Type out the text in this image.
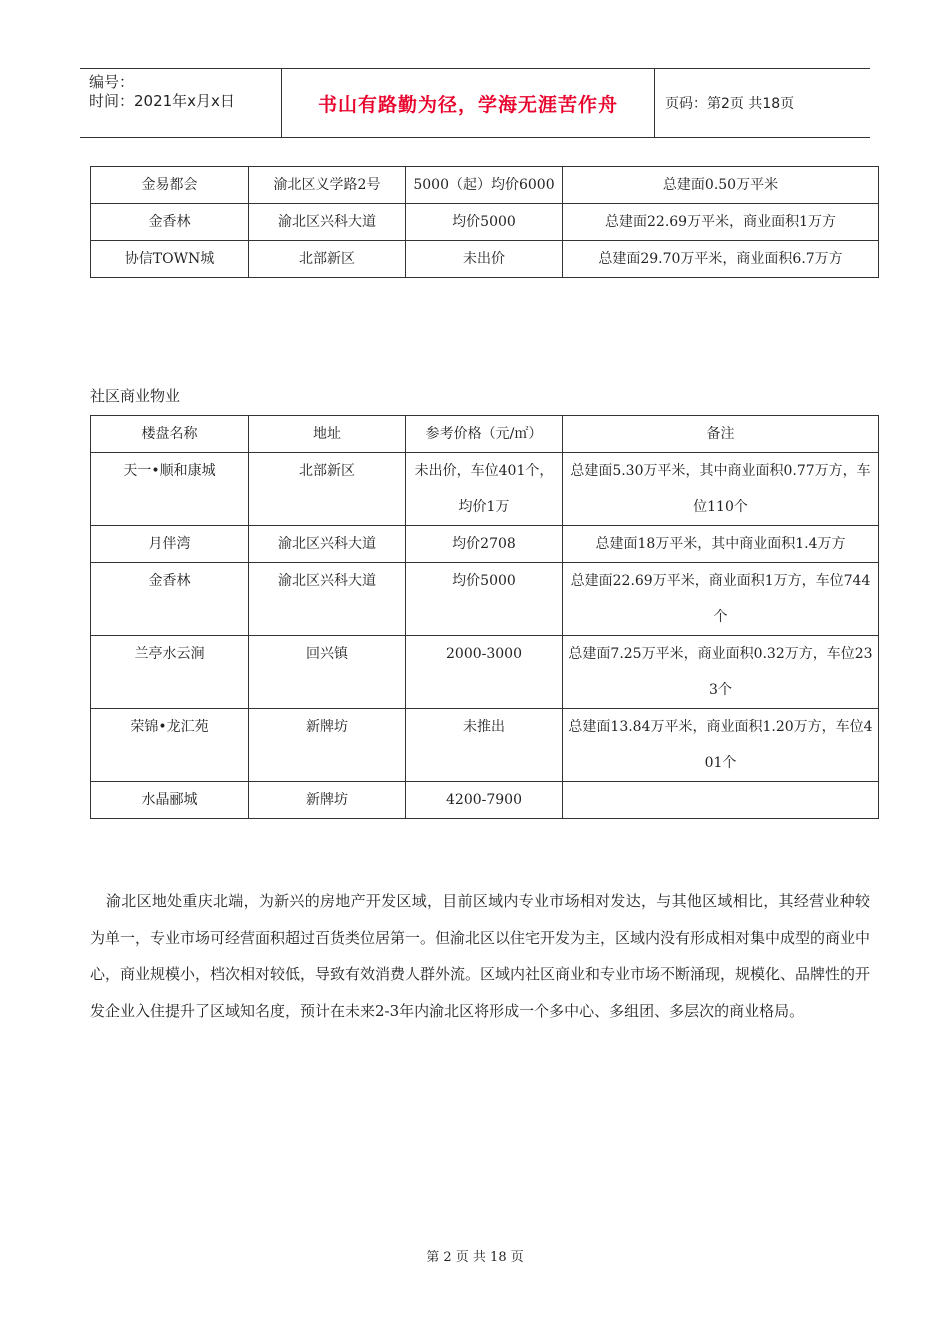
编号：
时间：2021年x月x日	书山有路勤为径，学海无涯苦作舟	页码：第2页 共18页
金易都会	渝北区义学路2号	5000（起）均价6000	总建面0.50万平米
金香林	渝北区兴科大道	均价5000	总建面22.69万平米，商业面积1万方
协信TOWN城	北部新区	未出价	总建面29.70万平米，商业面积6.7万方
社区商业物业
楼盘名称	地址	参考价格（元/㎡）	备注
天一•顺和康城	北部新区	未出价，车位401个，均价1万	总建面5.30万平米，其中商业面积0.77万方，车位110个
月伴湾	渝北区兴科大道	均价2708	总建面18万平米，其中商业面积1.4万方
金香林	渝北区兴科大道	均价5000	总建面22.69万平米，商业面积1万方，车位744个
兰亭水云涧	回兴镇	2000-3000	总建面7.25万平米，商业面积0.32万方，车位233个
荣锦•龙汇苑	新牌坊	未推出	总建面13.84万平米，商业面积1.20万方，车位401个
水晶郦城	新牌坊	4200-7900	

渝北区地处重庆北端，为新兴的房地产开发区域，目前区域内专业市场相对发达，与其他区域相比，其经营业种较为单一，专业市场可经营面积超过百货类位居第一。但渝北区以住宅开发为主，区域内没有形成相对集中成型的商业中心，商业规模小，档次相对较低，导致有效消费人群外流。区域内社区商业和专业市场不断涌现，规模化、品牌性的开发企业入住提升了区域知名度，预计在未来2-3年内渝北区将形成一个多中心、多组团、多层次的商业格局。

第 2 页 共 18 页
